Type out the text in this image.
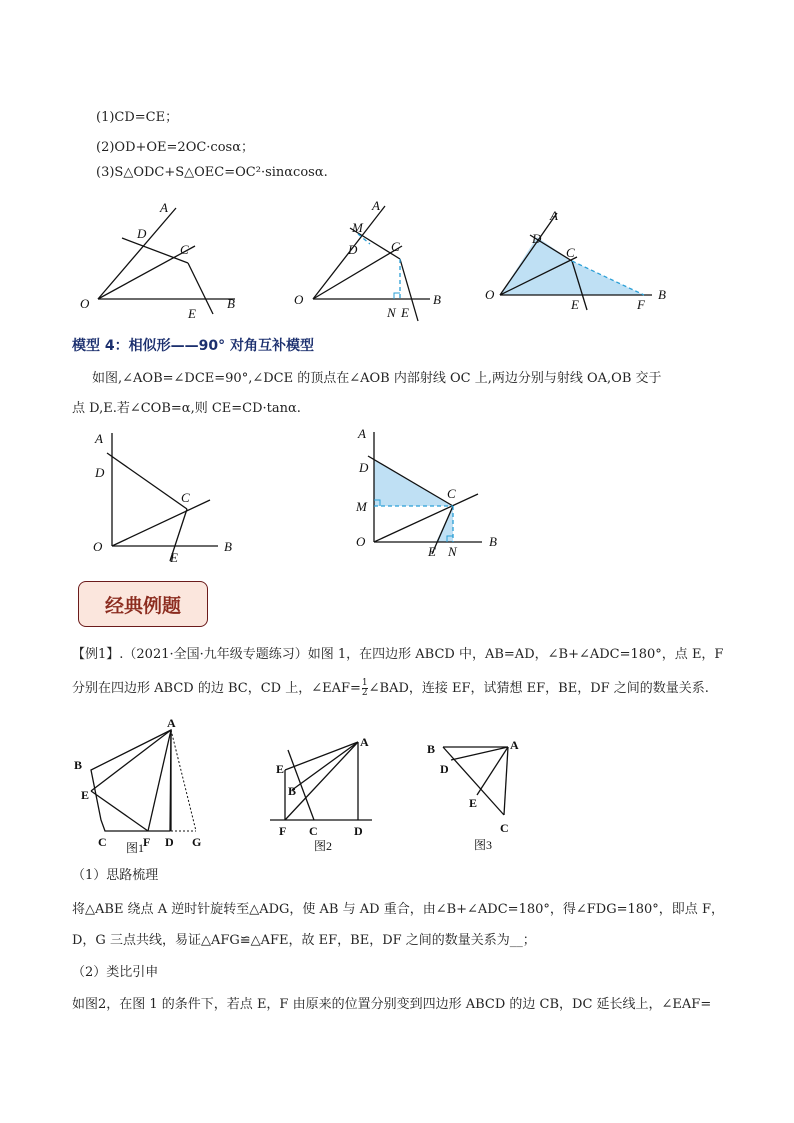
(1)CD=CE；
(2)OD+OE=2OC·cosα；
(3)S△ODC+S△OEC=OC²·sinαcosα.
A
D
C
O
E
B
A
M
D	C
O
N E
B
A
D
C
O
E	F
B
模型 4：相似形——90° 对角互补模型
如图,∠AOB=∠DCE=90°,∠DCE 的顶点在∠AOB 内部射线 OC 上,两边分别与射线 OA,OB 交于
点 D,E.若∠COB=α,则 CE=CD·tanα.
A
D
C
O
E
B
A
D
M
C
O
E N
B
经典例题
【例1】.（2021·全国·九年级专题练习）如图 1，在四边形 ABCD 中，AB=AD，∠B+∠ADC=180°，点 E，F
分别在四边形 ABCD 的边 BC，CD 上，∠EAF= $\frac{1}{2}$ ∠BAD，连接 EF，试猜想 EF，BE，DF 之间的数量关系.
A
B
E
C	F D G
图1
A
E
B
F C	D
图2
B	A
D
E
C
图3
（1）思路梳理
将△ABE 绕点 A 逆时针旋转至△ADG，使 AB 与 AD 重合，由∠B+∠ADC=180°，得∠FDG=180°，即点 F，
D，G 三点共线，易证△AFG≌△AFE，故 EF，BE，DF 之间的数量关系为__；
（2）类比引申
如图2，在图 1 的条件下，若点 E，F 由原来的位置分别变到四边形 ABCD 的边 CB，DC 延长线上，∠EAF=
